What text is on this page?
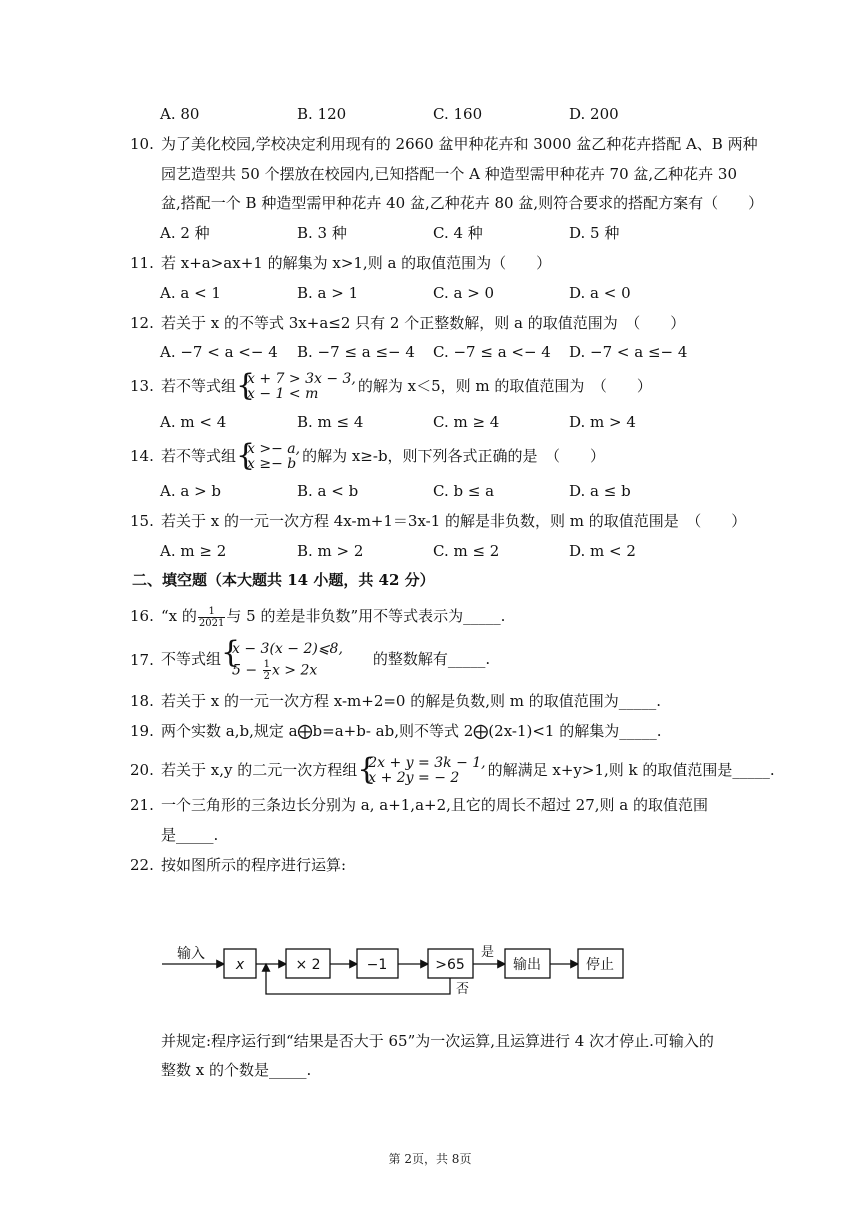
A. 80	B. 120	C. 160	D. 200
10. 为了美化校园,学校决定利用现有的 2660 盆甲种花卉和 3000 盆乙种花卉搭配 A、B 两种
园艺造型共 50 个摆放在校园内,已知搭配一个 A 种造型需甲种花卉 70 盆,乙种花卉 30
盆,搭配一个 B 种造型需甲种花卉 40 盆,乙种花卉 80 盆,则符合要求的搭配方案有（　　）
A. 2 种	B. 3 种	C. 4 种	D. 5 种
11. 若 x+a>ax+1 的解集为 x>1,则 a 的取值范围为（　　）
A. a < 1	B. a > 1	C. a > 0	D. a < 0
12. 若关于 x 的不等式 3x+a≤2 只有 2 个正整数解，则 a 的取值范围为　（　　）
A. −7 < a <− 4 B. −7 ≤ a ≤− 4 C. −7 ≤ a <− 4 D. −7 < a ≤− 4
13. 若不等式组 { x + 7 > 3x − 3,
x − 1 < m	的解为 x＜5，则 m 的取值范围为　（　　）
A. m < 4	B. m ≤ 4	C. m ≥ 4	D. m > 4
14. 若不等式组 { x >− a,
x ≥− b 的解为 x≥-b，则下列各式正确的是　（　　）
A. a > b	B. a < b	C. b ≤ a	D. a ≤ b
15. 若关于 x 的一元一次方程 4x-m+1＝3x-1 的解是非负数，则 m 的取值范围是　（　　）
A. m ≥ 2	B. m > 2	C. m ≤ 2	D. m < 2
二、填空题（本大题共 14 小题，共 42 分）
16. “x 的 $\frac{1}{2021}$ 与 5 的差是非负数”用不等式表示为_____.
17. 不等式组
{ x − 3(x − 2)⩽8,
$5 - \frac{1}{2}$ x > 2x
的整数解有_____.
18. 若关于 x 的一元一次方程 x-m+2=0 的解是负数,则 m 的取值范围为_____.
19. 两个实数 a,b,规定 a⨁b=a+b- ab,则不等式 2⨁(2x-1)<1 的解集为_____.
20. 若关于 x,y 的二元一次方程组 { 2x + y = 3k − 1,
x + 2y = − 2	的解满足 x+y>1,则 k 的取值范围是_____.
21. 一个三角形的三条边长分别为 a, a+1,a+2,且它的周长不超过 27,则 a 的取值范围
是_____.
22. 按如图所示的程序进行运算:
输入
x	× 2	−1	>65
是
输出	停止
否
并规定:程序运行到“结果是否大于 65”为一次运算,且运算进行 4 次才停止.可输入的
整数 x 的个数是_____.
第 2页，共 8页
